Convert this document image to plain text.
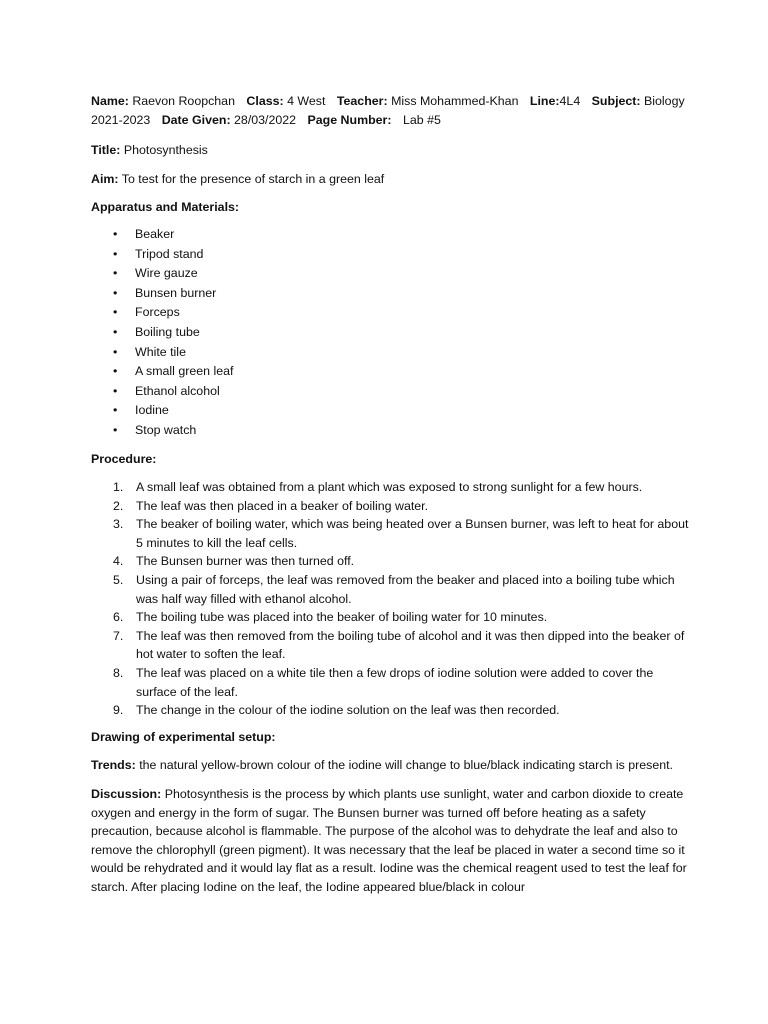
Name: Raevon Roopchan Class: 4 West Teacher: Miss Mohammed-Khan Line:4L4 Subject: Biology
2021-2023 Date Given: 28/03/2022 Page Number: Lab #5

Title: Photosynthesis

Aim: To test for the presence of starch in a green leaf

Apparatus and Materials:

• Beaker
• Tripod stand
• Wire gauze
• Bunsen burner
• Forceps
• Boiling tube
• White tile
• A small green leaf
• Ethanol alcohol
• Iodine
• Stop watch

Procedure:

1. A small leaf was obtained from a plant which was exposed to strong sunlight for a few hours.
2. The leaf was then placed in a beaker of boiling water.
3. The beaker of boiling water, which was being heated over a Bunsen burner, was left to heat for about 5 minutes to kill the leaf cells.
4. The Bunsen burner was then turned off.
5. Using a pair of forceps, the leaf was removed from the beaker and placed into a boiling tube which was half way filled with ethanol alcohol.
6. The boiling tube was placed into the beaker of boiling water for 10 minutes.
7. The leaf was then removed from the boiling tube of alcohol and it was then dipped into the beaker of hot water to soften the leaf.
8. The leaf was placed on a white tile then a few drops of iodine solution were added to cover the surface of the leaf.
9. The change in the colour of the iodine solution on the leaf was then recorded.

Drawing of experimental setup:

Trends: the natural yellow-brown colour of the iodine will change to blue/black indicating starch is present.

Discussion: Photosynthesis is the process by which plants use sunlight, water and carbon dioxide to create oxygen and energy in the form of sugar. The Bunsen burner was turned off before heating as a safety precaution, because alcohol is flammable. The purpose of the alcohol was to dehydrate the leaf and also to remove the chlorophyll (green pigment). It was necessary that the leaf be placed in water a second time so it would be rehydrated and it would lay flat as a result. Iodine was the chemical reagent used to test the leaf for starch. After placing Iodine on the leaf, the Iodine appeared blue/black in colour
